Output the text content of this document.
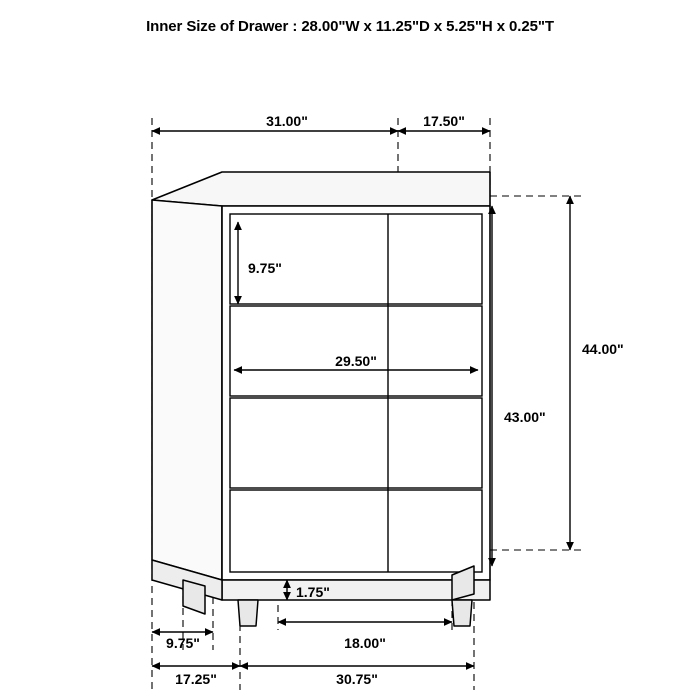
Inner Size of Drawer : 28.00"W x 11.25"D x 5.25"H x 0.25"T
31.00"	17.50"
9.75"
29.50"
43.00"
44.00"
1.75"
9.75"	18.00"
17.25"	30.75"
